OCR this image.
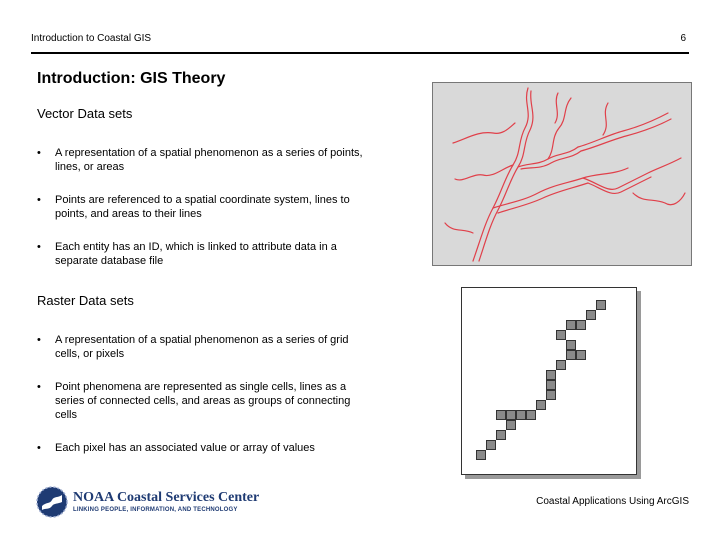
Introduction to Coastal GIS	6
Introduction: GIS Theory
Vector Data sets
• A representation of a spatial phenomenon as a series of points, lines, or areas
• Points are referenced to a spatial coordinate system, lines to points, and areas to their lines
• Each entity has an ID, which is linked to attribute data in a separate database file
Raster Data sets
• A representation of a spatial phenomenon as a series of grid cells, or pixels
• Point phenomena are represented as single cells, lines as a series of connected cells, and areas as groups of connecting cells
• Each pixel has an associated value or array of values
NOAA Coastal Services Center
LINKING PEOPLE, INFORMATION, AND TECHNOLOGY
Coastal Applications Using ArcGIS
